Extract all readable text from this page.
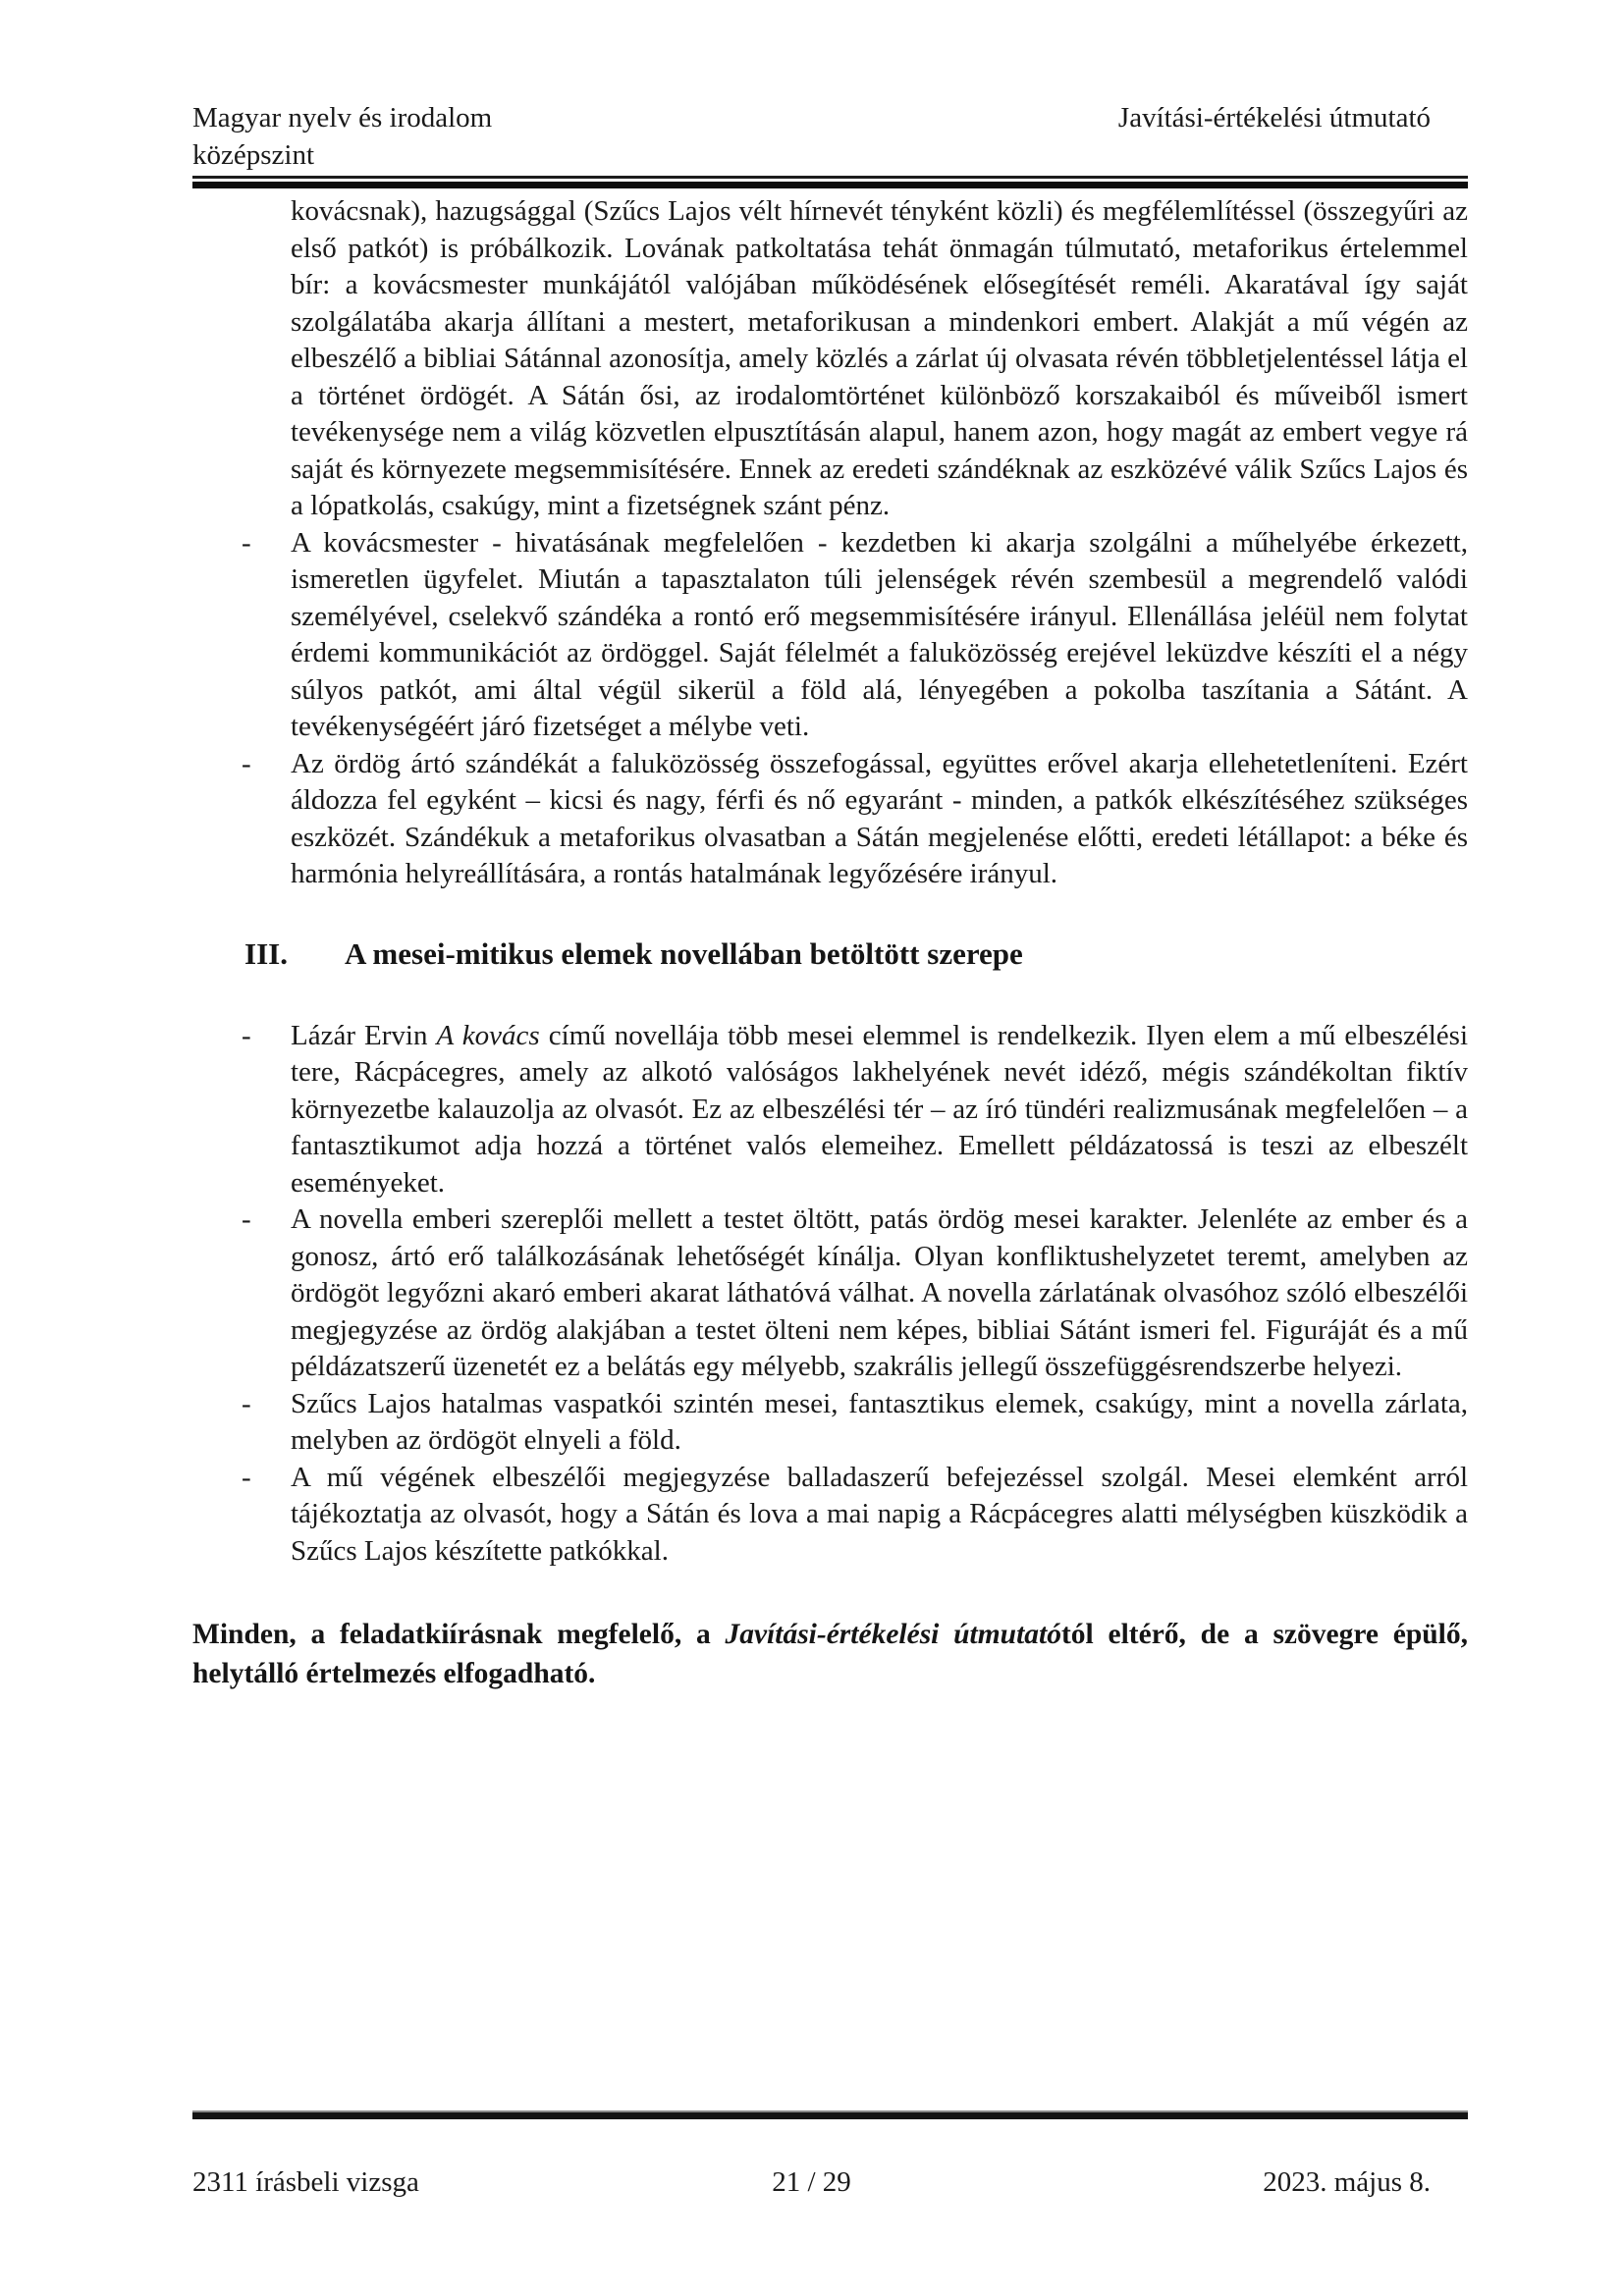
Magyar nyelv és irodalom
középszint
Javítási-értékelési útmutató

kovácsnak), hazugsággal (Szűcs Lajos vélt hírnevét tényként közli) és megfélemlítéssel (összegyűri az első patkót) is próbálkozik. Lovának patkoltatása tehát önmagán túlmutató, metaforikus értelemmel bír: a kovácsmester munkájától valójában működésének elősegítését reméli. Akaratával így saját szolgálatába akarja állítani a mestert, metaforikusan a mindenkori embert. Alakját a mű végén az elbeszélő a bibliai Sátánnal azonosítja, amely közlés a zárlat új olvasata révén többletjelentéssel látja el a történet ördögét. A Sátán ősi, az irodalomtörténet különböző korszakaiból és műveiből ismert tevékenysége nem a világ közvetlen elpusztításán alapul, hanem azon, hogy magát az embert vegye rá saját és környezete megsemmisítésére. Ennek az eredeti szándéknak az eszközévé válik Szűcs Lajos és a lópatkolás, csakúgy, mint a fizetségnek szánt pénz.

-	A kovácsmester - hivatásának megfelelően - kezdetben ki akarja szolgálni a műhelyébe érkezett, ismeretlen ügyfelet. Miután a tapasztalaton túli jelenségek révén szembesül a megrendelő valódi személyével, cselekvő szándéka a rontó erő megsemmisítésére irányul. Ellenállása jeléül nem folytat érdemi kommunikációt az ördöggel. Saját félelmét a faluközösség erejével leküzdve készíti el a négy súlyos patkót, ami által végül sikerül a föld alá, lényegében a pokolba taszítania a Sátánt. A tevékenységéért járó fizetséget a mélybe veti.

-	Az ördög ártó szándékát a faluközösség összefogással, együttes erővel akarja ellehetetleníteni. Ezért áldozza fel egyként – kicsi és nagy, férfi és nő egyaránt - minden, a patkók elkészítéséhez szükséges eszközét. Szándékuk a metaforikus olvasatban a Sátán megjelenése előtti, eredeti létállapot: a béke és harmónia helyreállítására, a rontás hatalmának legyőzésére irányul.

III. A mesei-mitikus elemek novellában betöltött szerepe
-	Lázár Ervin A kovács című novellája több mesei elemmel is rendelkezik. Ilyen elem a mű elbeszélési tere, Rácpácegres, amely az alkotó valóságos lakhelyének nevét idéző, mégis szándékoltan fiktív környezetbe kalauzolja az olvasót. Ez az elbeszélési tér – az író tündéri realizmusának megfelelően – a fantasztikumot adja hozzá a történet valós elemeihez. Emellett példázatossá is teszi az elbeszélt eseményeket.

-	A novella emberi szereplői mellett a testet öltött, patás ördög mesei karakter. Jelenléte az ember és a gonosz, ártó erő találkozásának lehetőségét kínálja. Olyan konfliktushelyzetet teremt, amelyben az ördögöt legyőzni akaró emberi akarat láthatóvá válhat. A novella zárlatának olvasóhoz szóló elbeszélői megjegyzése az ördög alakjában a testet ölteni nem képes, bibliai Sátánt ismeri fel. Figuráját és a mű példázatszerű üzenetét ez a belátás egy mélyebb, szakrális jellegű összefüggésrendszerbe helyezi.

-	Szűcs Lajos hatalmas vaspatkói szintén mesei, fantasztikus elemek, csakúgy, mint a novella zárlata, melyben az ördögöt elnyeli a föld.

-	A mű végének elbeszélői megjegyzése balladaszerű befejezéssel szolgál. Mesei elemként arról tájékoztatja az olvasót, hogy a Sátán és lova a mai napig a Rácpácegres alatti mélységben küszködik a Szűcs Lajos készítette patkókkal.

Minden, a feladatkiírásnak megfelelő, a Javítási-értékelési útmutatótól eltérő, de a szövegre épülő, helytálló értelmezés elfogadható.

2311 írásbeli vizsga	21 / 29	2023. május 8.
